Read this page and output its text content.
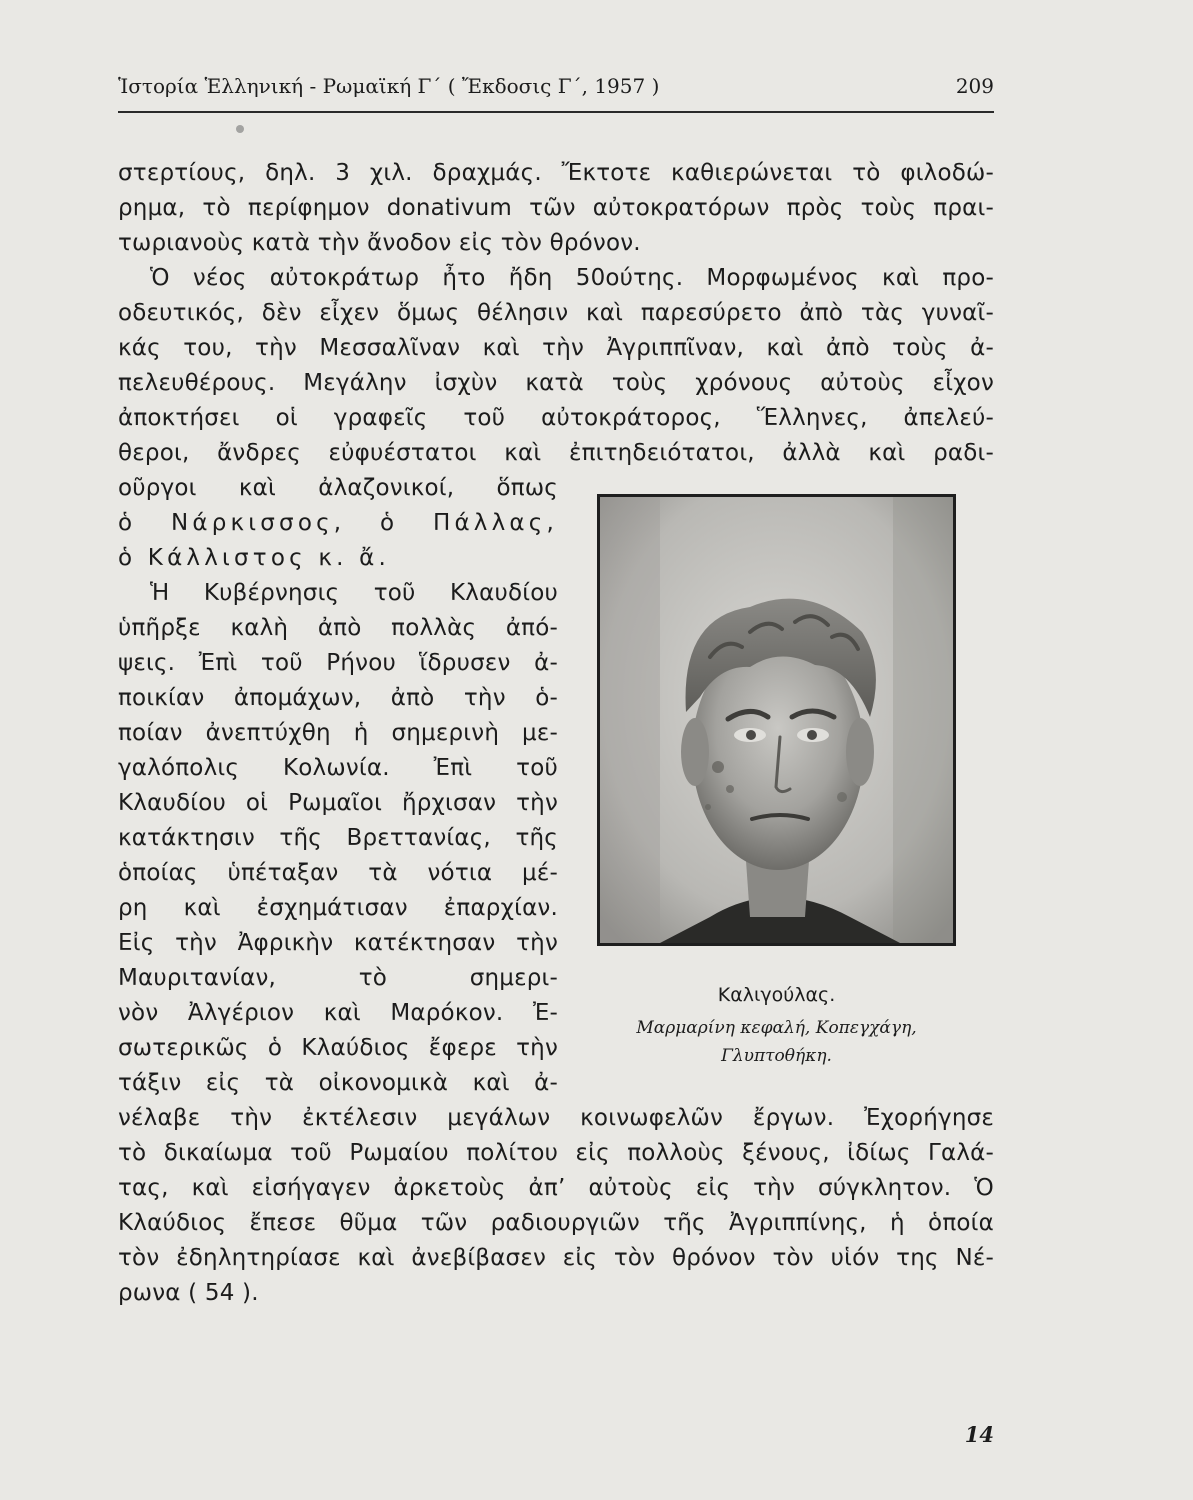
Ἱστορία Ἑλληνική - Ρωμαϊκή Γ΄ ( Ἔκδοσις Γ΄, 1957 )	209
στερτίους, δηλ. 3 χιλ. δραχμάς. Ἔκτοτε καθιερώνεται τὸ φιλοδώ-
ρημα, τὸ περίφημον donativum τῶν αὐτοκρατόρων πρὸς τοὺς πραι-
τωριανοὺς κατὰ τὴν ἄνοδον εἰς τὸν θρόνον.
Ὁ νέος αὐτοκράτωρ ἦτο ἤδη 50ούτης. Μορφωμένος καὶ προ-
οδευτικός, δὲν εἶχεν ὅμως θέλησιν καὶ παρεσύρετο ἀπὸ τὰς γυναῖ-
κάς του, τὴν Μεσσαλῖναν καὶ τὴν Ἀγριππῖναν, καὶ ἀπὸ τοὺς ἀ-
πελευθέρους. Μεγάλην ἰσχὺν κατὰ τοὺς χρόνους αὐτοὺς εἶχον
ἀποκτήσει οἱ γραφεῖς τοῦ αὐτοκράτορος, Ἕλληνες, ἀπελεύ-
θεροι, ἄνδρες εὐφυέστατοι καὶ ἐπιτηδειότατοι, ἀλλὰ καὶ ραδι-
οῦργοι καὶ ἀλαζονικοί, ὅπως
ὁ Νάρκισσος, ὁ Πάλλας,
ὁ Κάλλιστος κ. ἄ.
Ἡ Κυβέρνησις τοῦ Κλαυδίου
ὑπῆρξε καλὴ ἀπὸ πολλὰς ἀπό-
ψεις. Ἐπὶ τοῦ Ρήνου ἵδρυσεν ἀ-
ποικίαν ἀπομάχων, ἀπὸ τὴν ὁ-
ποίαν ἀνεπτύχθη ἡ σημερινὴ με-
γαλόπολις Κολωνία. Ἐπὶ τοῦ
Κλαυδίου οἱ Ρωμαῖοι ἤρχισαν τὴν
κατάκτησιν τῆς Βρεττανίας, τῆς
ὁποίας ὑπέταξαν τὰ νότια μέ-
ρη καὶ ἐσχημάτισαν ἐπαρχίαν.
Εἰς τὴν Ἀφρικὴν κατέκτησαν τὴν
Μαυριτανίαν, τὸ σημερι-
νὸν Ἀλγέριον καὶ Μαρόκον. Ἐ-
σωτερικῶς ὁ Κλαύδιος ἔφερε τὴν
τάξιν εἰς τὰ οἰκονομικὰ καὶ ἀ-
νέλαβε τὴν ἐκτέλεσιν μεγάλων κοινωφελῶν ἔργων. Ἐχορήγησε
τὸ δικαίωμα τοῦ Ρωμαίου πολίτου εἰς πολλοὺς ξένους, ἰδίως Γαλά-
τας, καὶ εἰσήγαγεν ἀρκετοὺς ἀπ’ αὐτοὺς εἰς τὴν σύγκλητον. Ὁ
Κλαύδιος ἔπεσε θῦμα τῶν ραδιουργιῶν τῆς Ἀγριππίνης, ἡ ὁποία
τὸν ἐδηλητηρίασε καὶ ἀνεβίβασεν εἰς τὸν θρόνον τὸν υἱόν της Νέ-
ρωνα ( 54 ).
Καλιγούλας.
Μαρμαρίνη κεφαλή, Κοπεγχάγη,
Γλυπτοθήκη.
14
